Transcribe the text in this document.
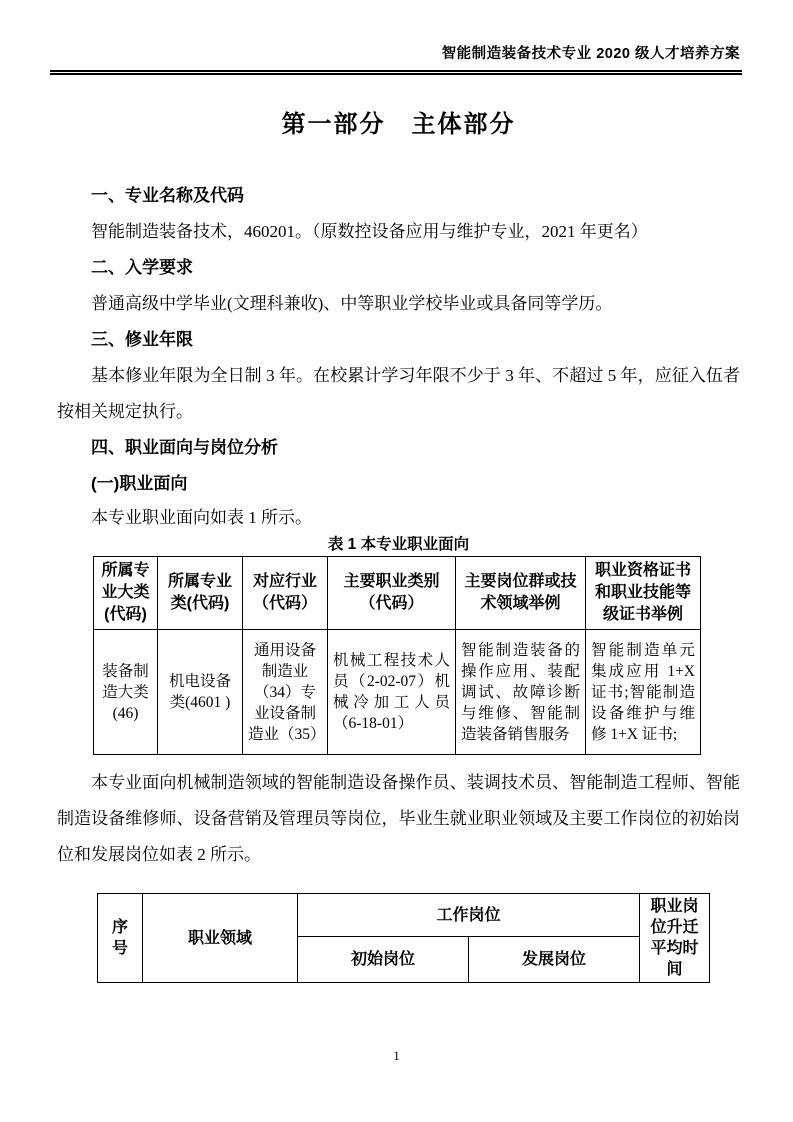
智能制造装备技术专业 2020 级人才培养方案
第一部分　主体部分

一、专业名称及代码

智能制造装备技术，460201。（原数控设备应用与维护专业，2021 年更名）

二、入学要求

普通高级中学毕业(文理科兼收)、中等职业学校毕业或具备同等学历。

三、修业年限

基本修业年限为全日制 3 年。在校累计学习年限不少于 3 年、不超过 5 年，应征入伍者按相关规定执行。

四、职业面向与岗位分析

(一)职业面向

本专业职业面向如表 1 所示。

表 1 本专业职业面向

所属专业大类(代码)	所属专业类(代码)	对应行业（代码）	主要职业类别（代码）	主要岗位群或技术领域举例	职业资格证书和职业技能等级证书举例
装备制造大类(46)	机电设备类(4601 )	通用设备制造业（34）专业设备制造业（35）	机械工程技术人员（2-02-07）机械冷加工人员（6-18-01）	智能制造装备的操作应用、装配调试、故障诊断与维修、智能制造装备销售服务	智能制造单元集成应用 1+X 证书;智能制造设备维护与维修 1+X 证书;

本专业面向机械制造领域的智能制造设备操作员、装调技术员、智能制造工程师、智能制造设备维修师、设备营销及管理员等岗位，毕业生就业职业领域及主要工作岗位的初始岗位和发展岗位如表 2 所示。

序号	职业领域	工作岗位		职业岗位升迁平均时间
		初始岗位	发展岗位	
1
